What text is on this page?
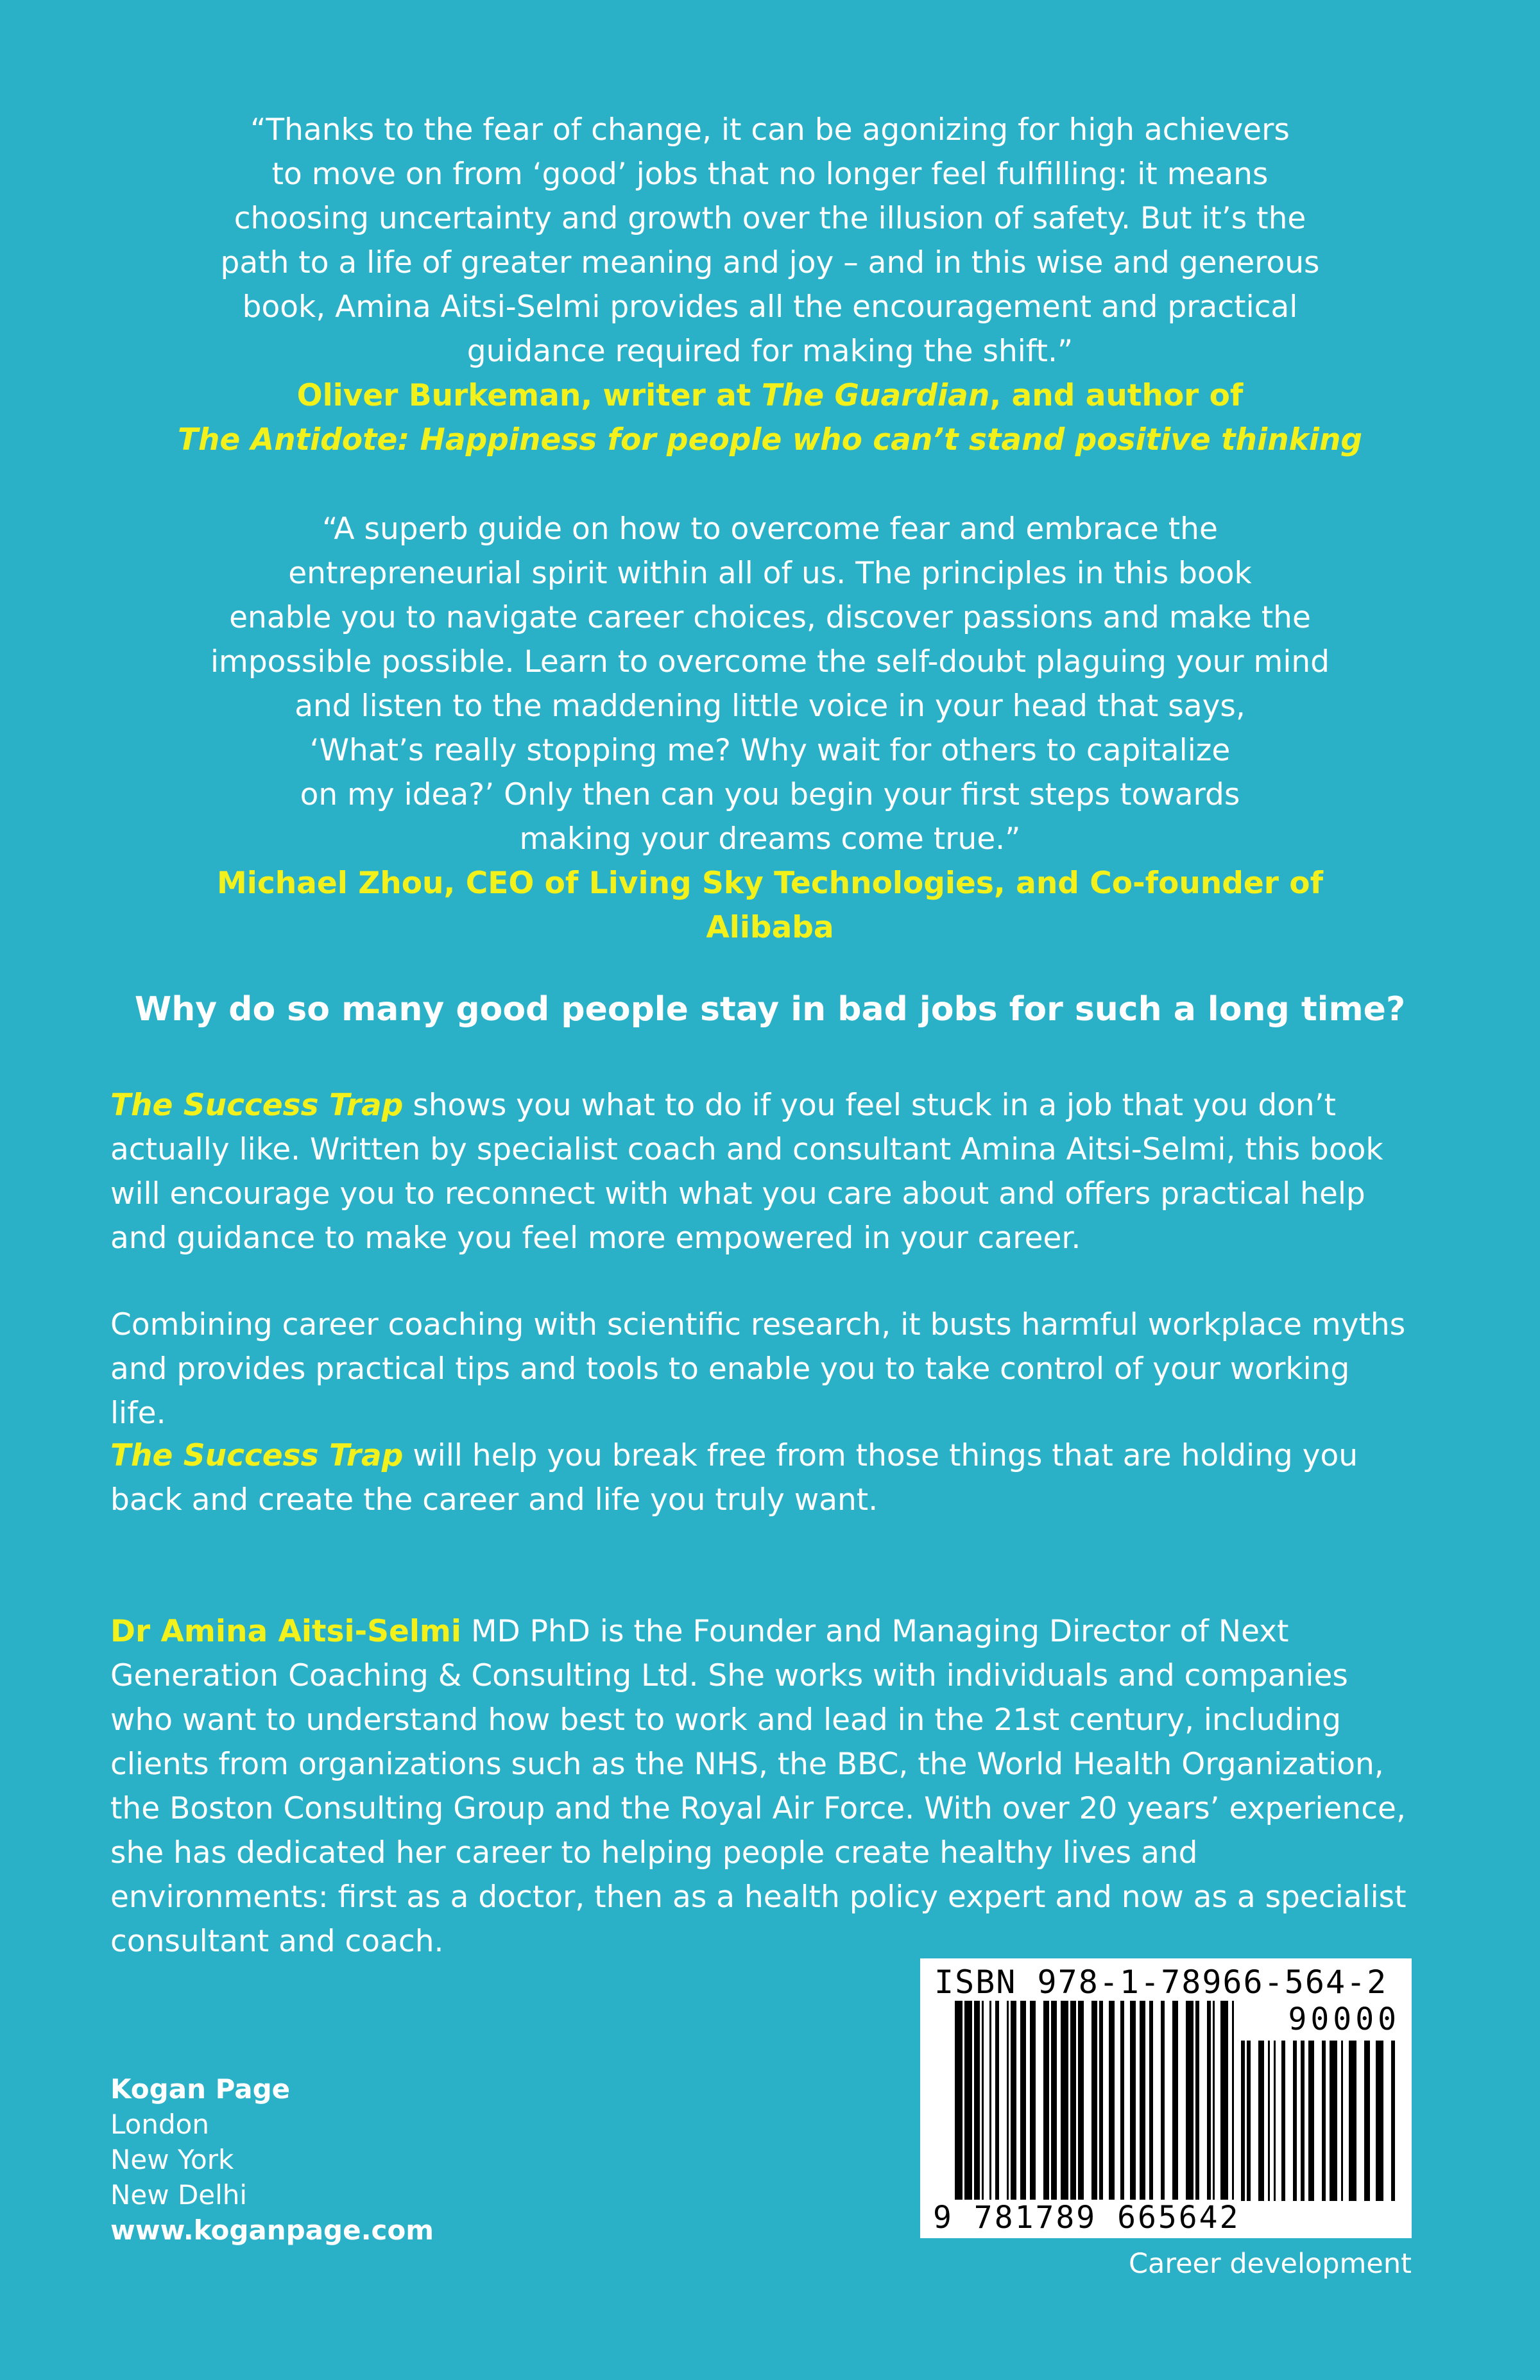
“Thanks to the fear of change, it can be agonizing for high achievers

to move on from ‘good’ jobs that no longer feel fulfilling: it means

choosing uncertainty and growth over the illusion of safety. But it’s the

path to a life of greater meaning and joy – and in this wise and generous

book, Amina Aitsi-Selmi provides all the encouragement and practical

guidance required for making the shift.”

Oliver Burkeman, writer at The Guardian, and author of

The Antidote: Happiness for people who can’t stand positive thinking

“A superb guide on how to overcome fear and embrace the

entrepreneurial spirit within all of us. The principles in this book

enable you to navigate career choices, discover passions and make the

impossible possible. Learn to overcome the self-doubt plaguing your mind

and listen to the maddening little voice in your head that says,

‘What’s really stopping me? Why wait for others to capitalize

on my idea?’ Only then can you begin your first steps towards

making your dreams come true.”

Michael Zhou, CEO of Living Sky Technologies, and Co-founder of Alibaba

Why do so many good people stay in bad jobs for such a long time?

The Success Trap shows you what to do if you feel stuck in a job that you don’t actually like. Written by specialist coach and consultant Amina Aitsi-Selmi, this book will encourage you to reconnect with what you care about and offers practical help and guidance to make you feel more empowered in your career.

Combining career coaching with scientific research, it busts harmful workplace myths and provides practical tips and tools to enable you to take control of your working life.

The Success Trap will help you break free from those things that are holding you back and create the career and life you truly want.

Dr Amina Aitsi-Selmi MD PhD is the Founder and Managing Director of Next Generation Coaching & Consulting Ltd. She works with individuals and companies who want to understand how best to work and lead in the 21st century, including clients from organizations such as the NHS, the BBC, the World Health Organization, the Boston Consulting Group and the Royal Air Force. With over 20 years’ experience, she has dedicated her career to helping people create healthy lives and environments: first as a doctor, then as a health policy expert and now as a specialist consultant and coach.

Kogan Page
London
New York
New Delhi
www.koganpage.com
ISBN 978-1-78966-564-2
90000
9 781789 665642
Career development
